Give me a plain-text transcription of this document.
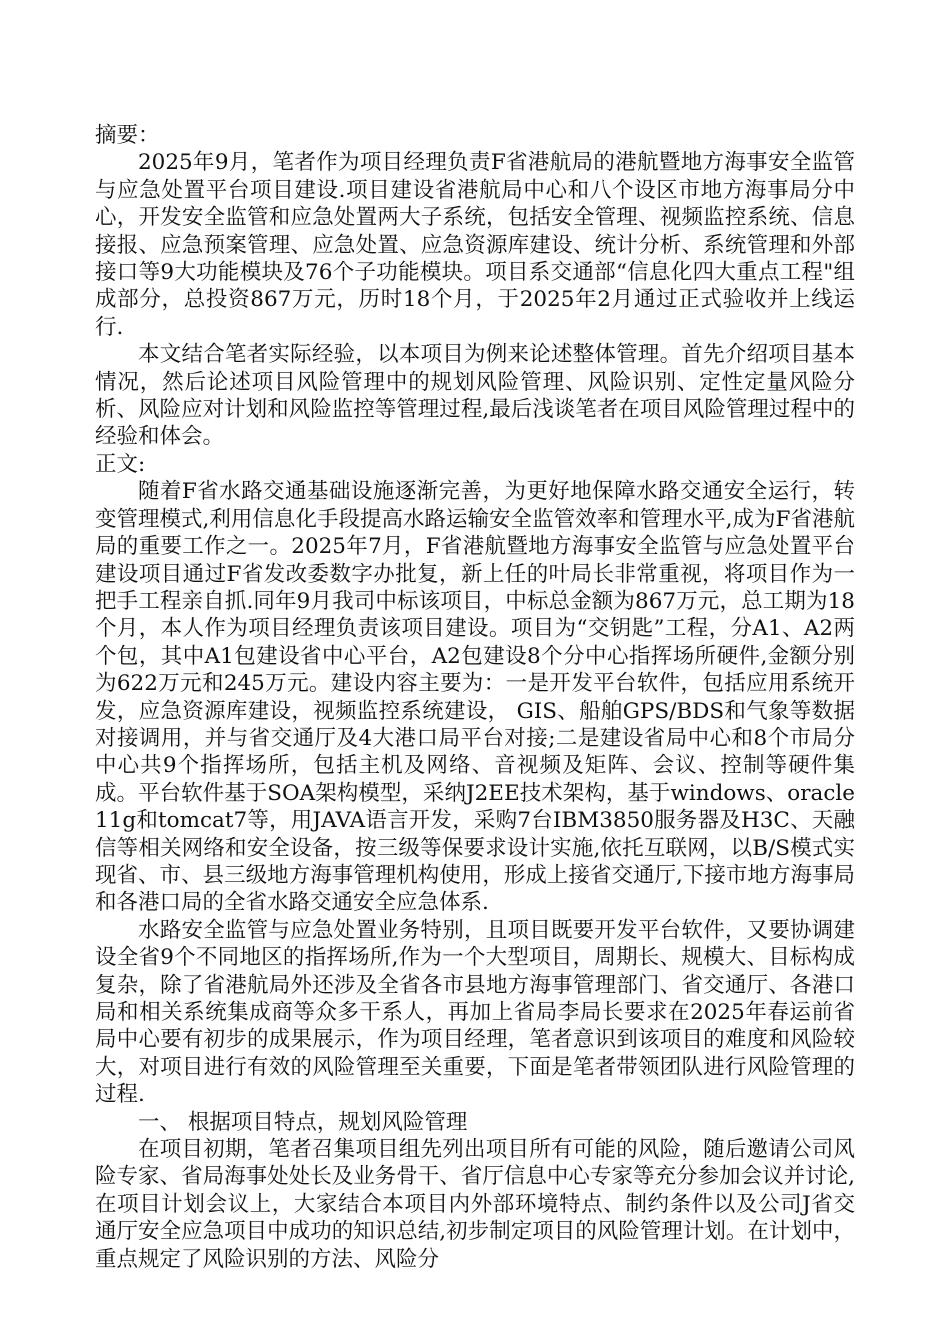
摘要：

2025年9月，笔者作为项目经理负责F省港航局的港航暨地方海事安全监管与应急处置平台项目建设.项目建设省港航局中心和八个设区市地方海事局分中心，开发安全监管和应急处置两大子系统，包括安全管理、视频监控系统、信息接报、应急预案管理、应急处置、应急资源库建设、统计分析、系统管理和外部接口等9大功能模块及76个子功能模块。项目系交通部“信息化四大重点工程"组成部分，总投资867万元，历时18个月，于2025年2月通过正式验收并上线运行.

本文结合笔者实际经验，以本项目为例来论述整体管理。首先介绍项目基本情况，然后论述项目风险管理中的规划风险管理、风险识别、定性定量风险分析、风险应对计划和风险监控等管理过程,最后浅谈笔者在项目风险管理过程中的经验和体会。

正文:

随着F省水路交通基础设施逐渐完善，为更好地保障水路交通安全运行，转变管理模式,利用信息化手段提高水路运输安全监管效率和管理水平,成为F省港航局的重要工作之一。2025年7月，F省港航暨地方海事安全监管与应急处置平台建设项目通过F省发改委数字办批复，新上任的叶局长非常重视，将项目作为一把手工程亲自抓.同年9月我司中标该项目，中标总金额为867万元，总工期为18个月，本人作为项目经理负责该项目建设。项目为“交钥匙”工程，分A1、A2两个包，其中A1包建设省中心平台，A2包建设8个分中心指挥场所硬件,金额分别为622万元和245万元。建设内容主要为：一是开发平台软件，包括应用系统开发，应急资源库建设，视频监控系统建设， GIS、船舶GPS/BDS和气象等数据对接调用，并与省交通厅及4大港口局平台对接;二是建设省局中心和8个市局分中心共9个指挥场所，包括主机及网络、音视频及矩阵、会议、控制等硬件集成。平台软件基于SOA架构模型，采纳J2EE技术架构，基于windows、oracle 11g和tomcat7等，用JAVA语言开发，采购7台IBM3850服务器及H3C、天融信等相关网络和安全设备，按三级等保要求设计实施,依托互联网，以B/S模式实现省、市、县三级地方海事管理机构使用，形成上接省交通厅,下接市地方海事局和各港口局的全省水路交通安全应急体系.

水路安全监管与应急处置业务特别，且项目既要开发平台软件，又要协调建设全省9个不同地区的指挥场所,作为一个大型项目，周期长、规模大、目标构成复杂，除了省港航局外还涉及全省各市县地方海事管理部门、省交通厅、各港口局和相关系统集成商等众多干系人，再加上省局李局长要求在2025年春运前省局中心要有初步的成果展示，作为项目经理，笔者意识到该项目的难度和风险较大，对项目进行有效的风险管理至关重要，下面是笔者带领团队进行风险管理的过程.

一、 根据项目特点，规划风险管理

在项目初期，笔者召集项目组先列出项目所有可能的风险，随后邀请公司风险专家、省局海事处处长及业务骨干、省厅信息中心专家等充分参加会议并讨论,在项目计划会议上，大家结合本项目内外部环境特点、制约条件以及公司J省交通厅安全应急项目中成功的知识总结,初步制定项目的风险管理计划。在计划中，重点规定了风险识别的方法、风险分
